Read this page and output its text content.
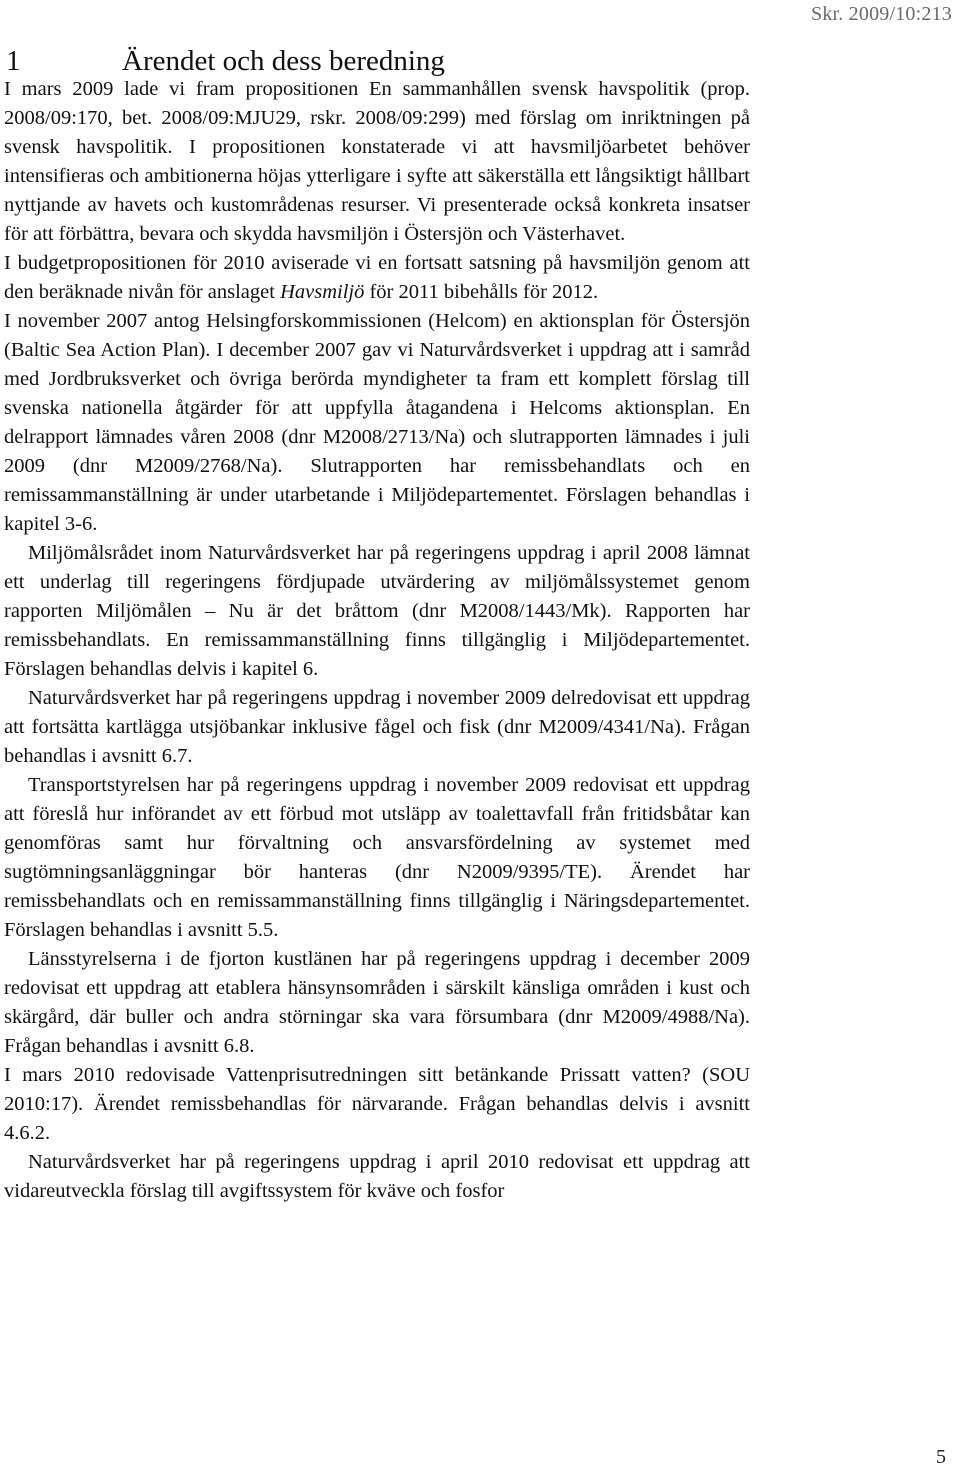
Skr. 2009/10:213
1	Ärendet och dess beredning

I mars 2009 lade vi fram propositionen En sammanhållen svensk havspolitik (prop. 2008/09:170, bet. 2008/09:MJU29, rskr. 2008/09:299) med förslag om inriktningen på svensk havspolitik. I propositionen konstaterade vi att havsmiljöarbetet behöver intensifieras och ambitionerna höjas ytterligare i syfte att säkerställa ett långsiktigt hållbart nyttjande av havets och kustområdenas resurser. Vi presenterade också konkreta insatser för att förbättra, bevara och skydda havsmiljön i Östersjön och Västerhavet.

I budgetpropositionen för 2010 aviserade vi en fortsatt satsning på havsmiljön genom att den beräknade nivån för anslaget Havsmiljö för 2011 bibehålls för 2012.

I november 2007 antog Helsingforskommissionen (Helcom) en aktionsplan för Östersjön (Baltic Sea Action Plan). I december 2007 gav vi Naturvårdsverket i uppdrag att i samråd med Jordbruksverket och övriga berörda myndigheter ta fram ett komplett förslag till svenska nationella åtgärder för att uppfylla åtagandena i Helcoms aktionsplan. En delrapport lämnades våren 2008 (dnr M2008/2713/Na) och slutrapporten lämnades i juli 2009 (dnr M2009/2768/Na). Slutrapporten har remissbehandlats och en remissammanställning är under utarbetande i Miljödepartementet. Förslagen behandlas i kapitel 3-6.

Miljömålsrådet inom Naturvårdsverket har på regeringens uppdrag i april 2008 lämnat ett underlag till regeringens fördjupade utvärdering av miljömålssystemet genom rapporten Miljömålen – Nu är det bråttom (dnr M2008/1443/Mk). Rapporten har remissbehandlats. En remissammanställning finns tillgänglig i Miljödepartementet. Förslagen behandlas delvis i kapitel 6.

Naturvårdsverket har på regeringens uppdrag i november 2009 delredovisat ett uppdrag att fortsätta kartlägga utsjöbankar inklusive fågel och fisk (dnr M2009/4341/Na). Frågan behandlas i avsnitt 6.7.

Transportstyrelsen har på regeringens uppdrag i november 2009 redovisat ett uppdrag att föreslå hur införandet av ett förbud mot utsläpp av toalettavfall från fritidsbåtar kan genomföras samt hur förvaltning och ansvarsfördelning av systemet med sugtömningsanläggningar bör hanteras (dnr N2009/9395/TE). Ärendet har remissbehandlats och en remissammanställning finns tillgänglig i Näringsdepartementet. Förslagen behandlas i avsnitt 5.5.

Länsstyrelserna i de fjorton kustlänen har på regeringens uppdrag i december 2009 redovisat ett uppdrag att etablera hänsynsområden i särskilt känsliga områden i kust och skärgård, där buller och andra störningar ska vara försumbara (dnr M2009/4988/Na). Frågan behandlas i avsnitt 6.8.

I mars 2010 redovisade Vattenprisutredningen sitt betänkande Prissatt vatten? (SOU 2010:17). Ärendet remissbehandlas för närvarande. Frågan behandlas delvis i avsnitt 4.6.2.

Naturvårdsverket har på regeringens uppdrag i april 2010 redovisat ett uppdrag att vidareutveckla förslag till avgiftssystem för kväve och fosfor

5
